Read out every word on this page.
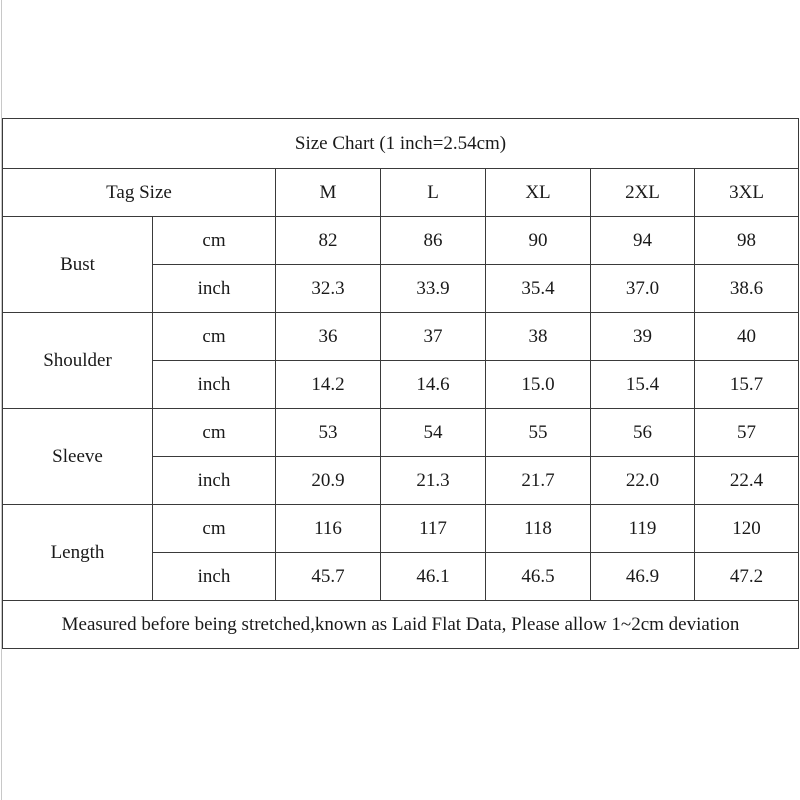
Size Chart (1 inch=2.54cm)						
Tag Size		M	L	XL	2XL	3XL
Bust	cm	82	86	90	94	98
	inch	32.3	33.9	35.4	37.0	38.6
Shoulder	cm	36	37	38	39	40
	inch	14.2	14.6	15.0	15.4	15.7
Sleeve	cm	53	54	55	56	57
	inch	20.9	21.3	21.7	22.0	22.4
Length	cm	116	117	118	119	120
	inch	45.7	46.1	46.5	46.9	47.2
Measured before being stretched,known as Laid Flat Data, Please allow 1~2cm deviation						
